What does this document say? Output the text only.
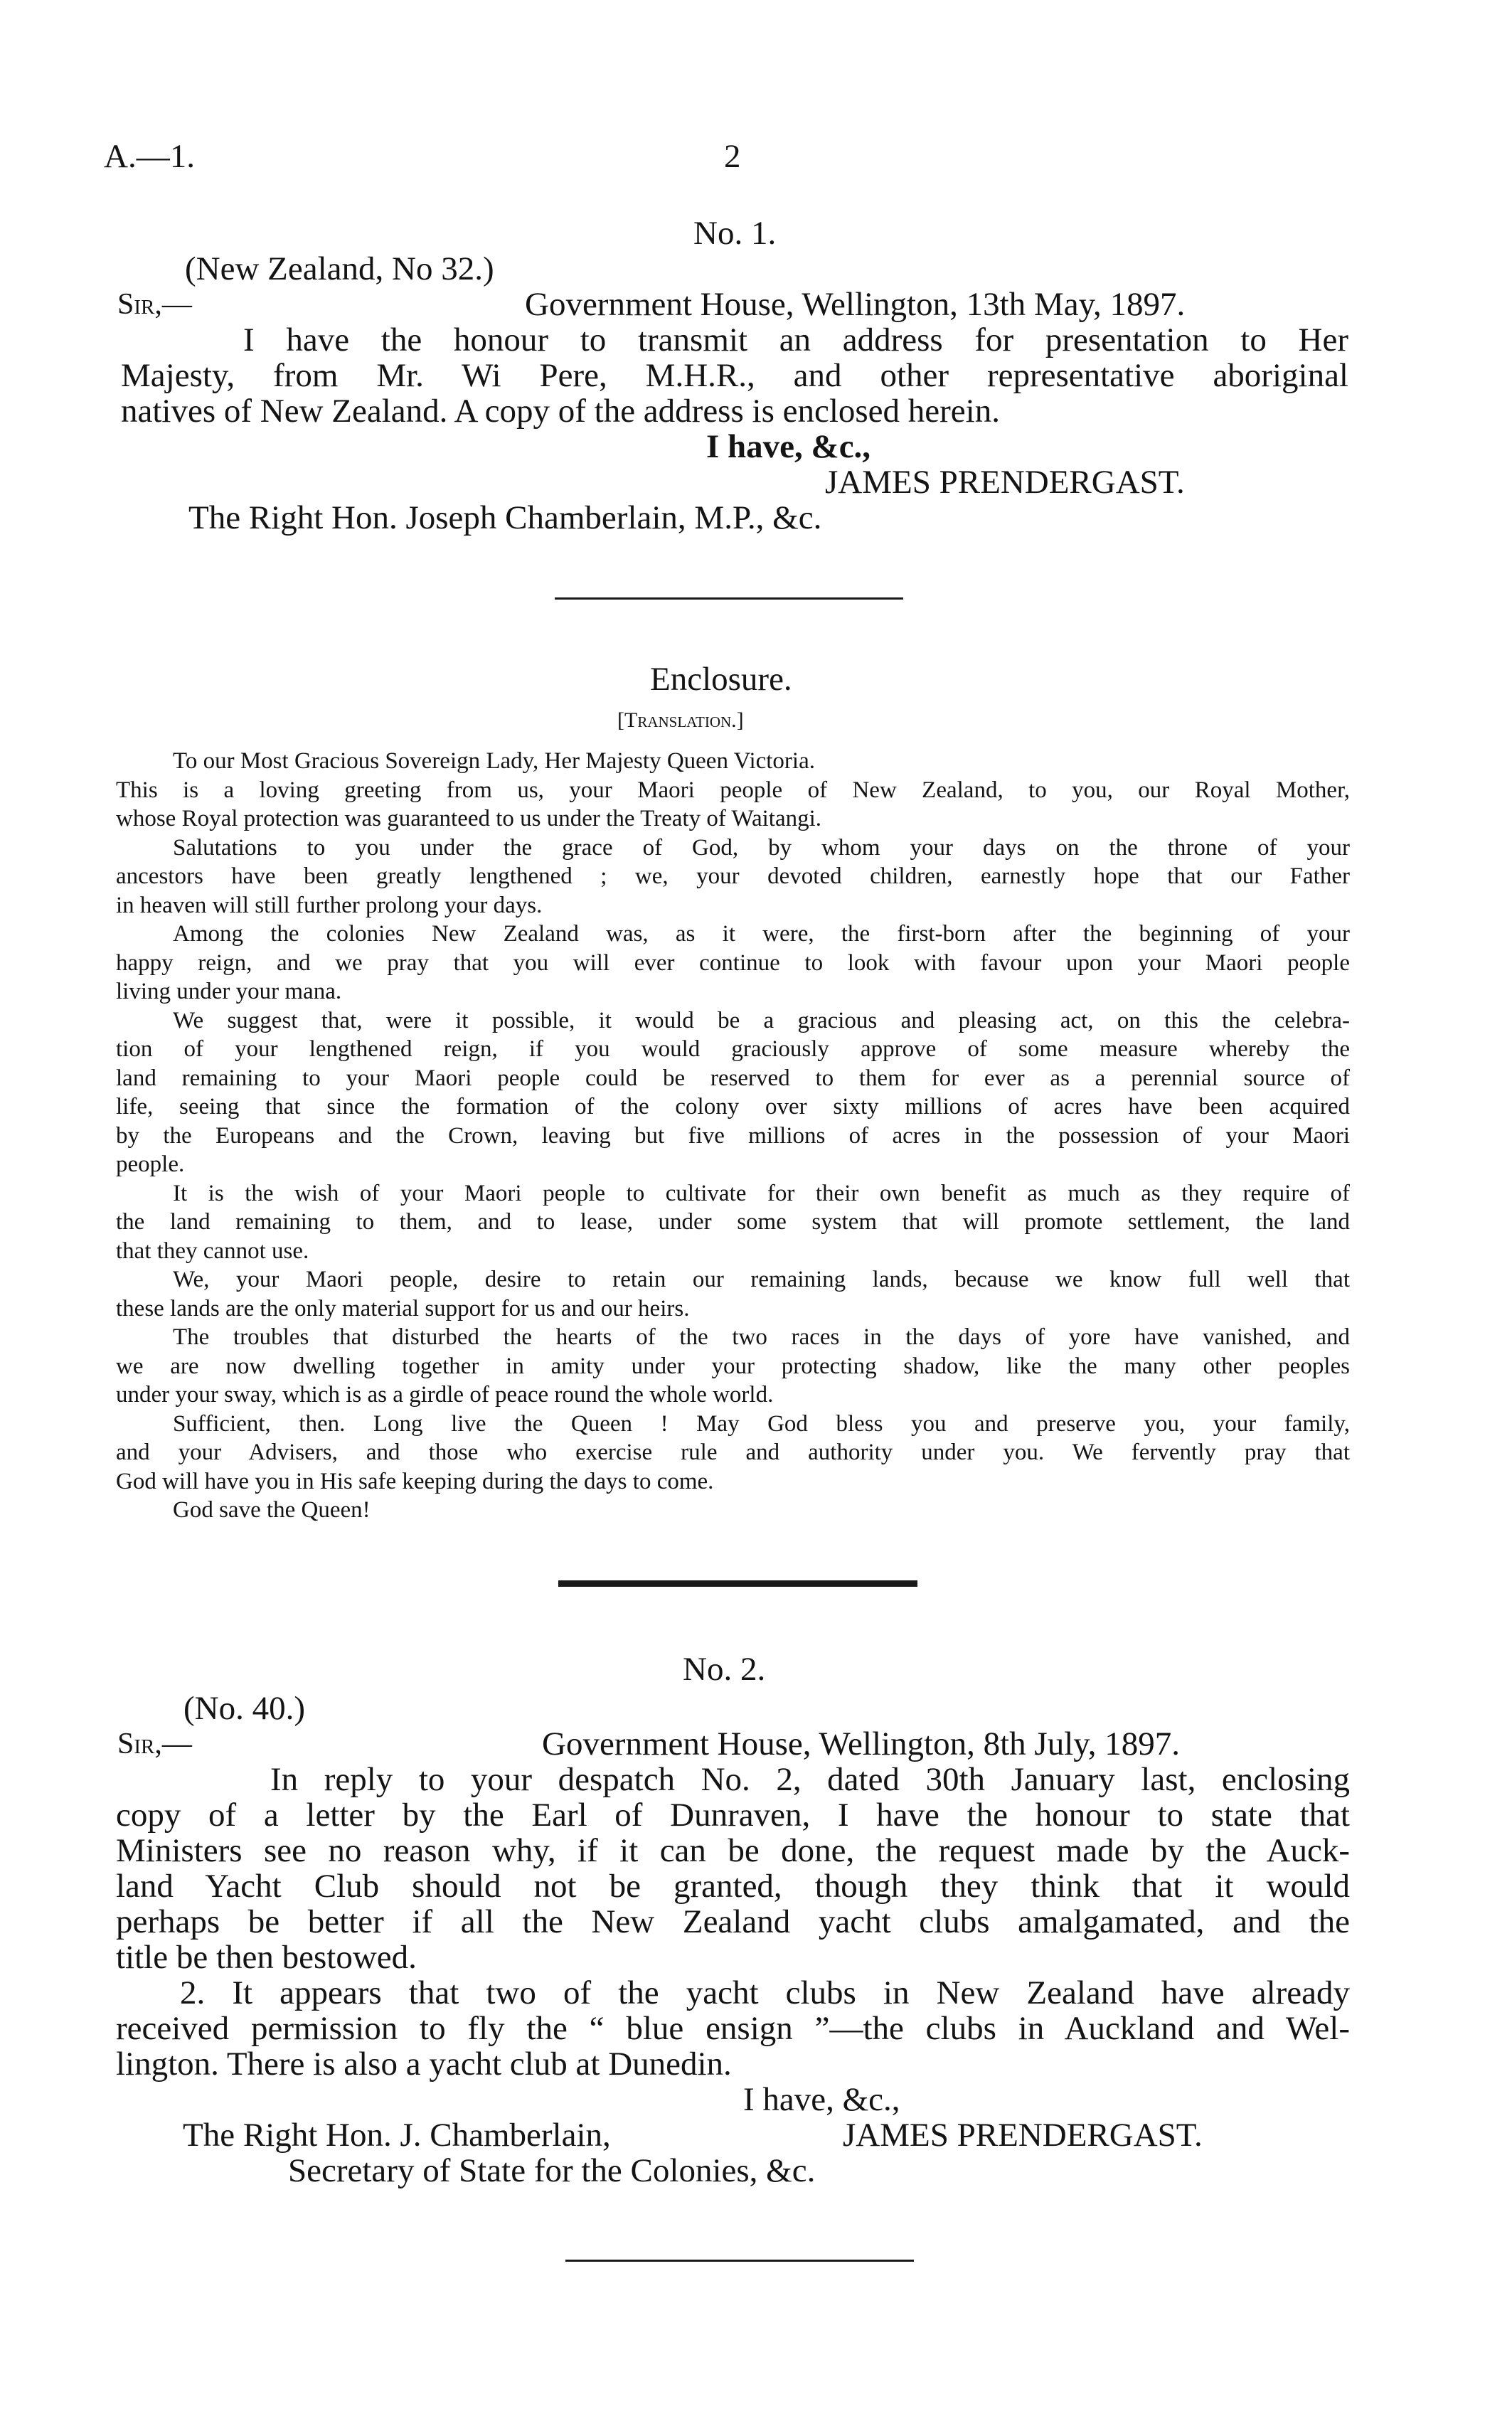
A.—1.	2
No. 1.
(New Zealand, No 32.)
Sir,—	Government House, Wellington, 13th May, 1897.
I have the honour to transmit an address for presentation to Her
Majesty, from Mr. Wi Pere, M.H.R., and other representative aboriginal
natives of New Zealand. A copy of the address is enclosed herein.
I have, &c.,
JAMES PRENDERGAST.
The Right Hon. Joseph Chamberlain, M.P., &c.
Enclosure.
[Translation.]
To our Most Gracious Sovereign Lady, Her Majesty Queen Victoria.
This is a loving greeting from us, your Maori people of New Zealand, to you, our Royal Mother,
whose Royal protection was guaranteed to us under the Treaty of Waitangi.
Salutations to you under the grace of God, by whom your days on the throne of your
ancestors have been greatly lengthened ; we, your devoted children, earnestly hope that our Father
in heaven will still further prolong your days.
Among the colonies New Zealand was, as it were, the first-born after the beginning of your
happy reign, and we pray that you will ever continue to look with favour upon your Maori people
living under your mana.
We suggest that, were it possible, it would be a gracious and pleasing act, on this the celebra-
tion of your lengthened reign, if you would graciously approve of some measure whereby the
land remaining to your Maori people could be reserved to them for ever as a perennial source of
life, seeing that since the formation of the colony over sixty millions of acres have been acquired
by the Europeans and the Crown, leaving but five millions of acres in the possession of your Maori
people.
It is the wish of your Maori people to cultivate for their own benefit as much as they require of
the land remaining to them, and to lease, under some system that will promote settlement, the land
that they cannot use.
We, your Maori people, desire to retain our remaining lands, because we know full well that
these lands are the only material support for us and our heirs.
The troubles that disturbed the hearts of the two races in the days of yore have vanished, and
we are now dwelling together in amity under your protecting shadow, like the many other peoples
under your sway, which is as a girdle of peace round the whole world.
Sufficient, then. Long live the Queen ! May God bless you and preserve you, your family,
and your Advisers, and those who exercise rule and authority under you. We fervently pray that
God will have you in His safe keeping during the days to come.
God save the Queen!
No. 2.
(No. 40.)
Sir,—	Government House, Wellington, 8th July, 1897.
In reply to your despatch No. 2, dated 30th January last, enclosing
copy of a letter by the Earl of Dunraven, I have the honour to state that
Ministers see no reason why, if it can be done, the request made by the Auck-
land Yacht Club should not be granted, though they think that it would
perhaps be better if all the New Zealand yacht clubs amalgamated, and the
title be then bestowed.
2. It appears that two of the yacht clubs in New Zealand have already
received permission to fly the “ blue ensign ”—the clubs in Auckland and Wel-
lington. There is also a yacht club at Dunedin.
I have, &c.,
The Right Hon. J. Chamberlain,	JAMES PRENDERGAST.
Secretary of State for the Colonies, &c.
